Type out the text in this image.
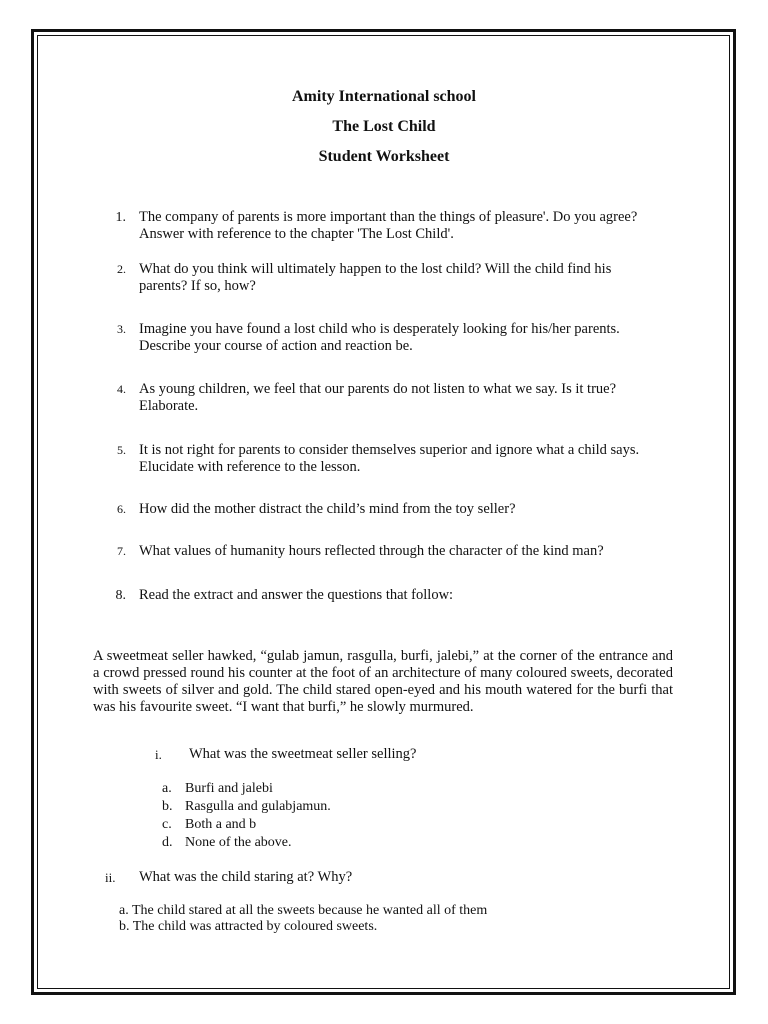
Amity International school
The Lost Child
Student Worksheet
1. The company of parents is more important than the things of pleasure'. Do you agree? Answer with reference to the chapter 'The Lost Child'.
2. What do you think will ultimately happen to the lost child? Will the child find his parents? If so, how?
3. Imagine you have found a lost child who is desperately looking for his/her parents. Describe your course of action and reaction be.
4. As young children, we feel that our parents do not listen to what we say. Is it true? Elaborate.
5. It is not right for parents to consider themselves superior and ignore what a child says. Elucidate with reference to the lesson.
6. How did the mother distract the child’s mind from the toy seller?
7. What values of humanity hours reflected through the character of the kind man?
8. Read the extract and answer the questions that follow:
A sweetmeat seller hawked, “gulab jamun, rasgulla, burfi, jalebi,” at the corner of the entrance and a crowd pressed round his counter at the foot of an architecture of many coloured sweets, decorated with sweets of silver and gold. The child stared open-eyed and his mouth watered for the burfi that was his favourite sweet. “I want that burfi,” he slowly murmured.
i. What was the sweetmeat seller selling?
a. Burfi and jalebi
b. Rasgulla and gulabjamun.
c. Both a and b
d. None of the above.
ii. What was the child staring at? Why?
a. The child stared at all the sweets because he wanted all of them
b. The child was attracted by coloured sweets.
